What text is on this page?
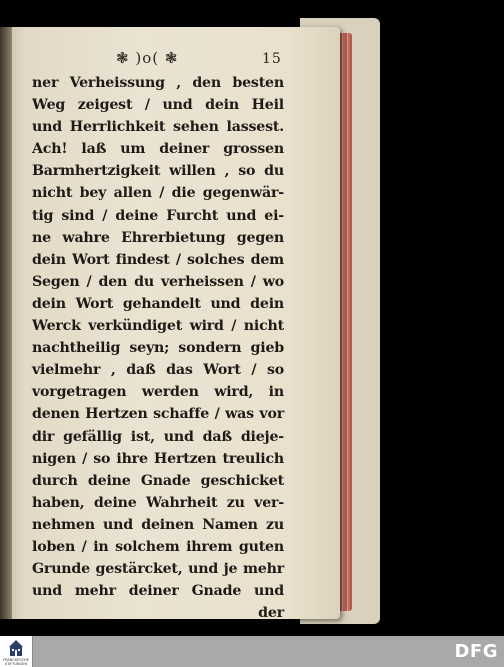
❃ )o( ❃	15
ner Verheissung , den besten
Weg zeigest / und dein Heil
und Herrlichkeit sehen lassest.
Ach! laß um deiner grossen
Barmhertzigkeit willen , so du
nicht bey allen / die gegenwär-
tig sind / deine Furcht und ei-
ne wahre Ehrerbietung gegen
dein Wort findest / solches dem
Segen / den du verheissen / wo
dein Wort gehandelt und dein
Werck verkündiget wird / nicht
nachtheilig seyn; sondern gieb
vielmehr , daß das Wort / so
vorgetragen werden wird, in
denen Hertzen schaffe / was vor
dir gefällig ist, und daß dieje-
nigen / so ihre Hertzen treulich
durch deine Gnade geschicket
haben, deine Wahrheit zu ver-
nehmen und deinen Namen zu
loben / in solchem ihrem guten
Grunde gestärcket, und je mehr
und mehr deiner Gnade und
der
FRANCKESCHE STIFTUNGEN
DFG
